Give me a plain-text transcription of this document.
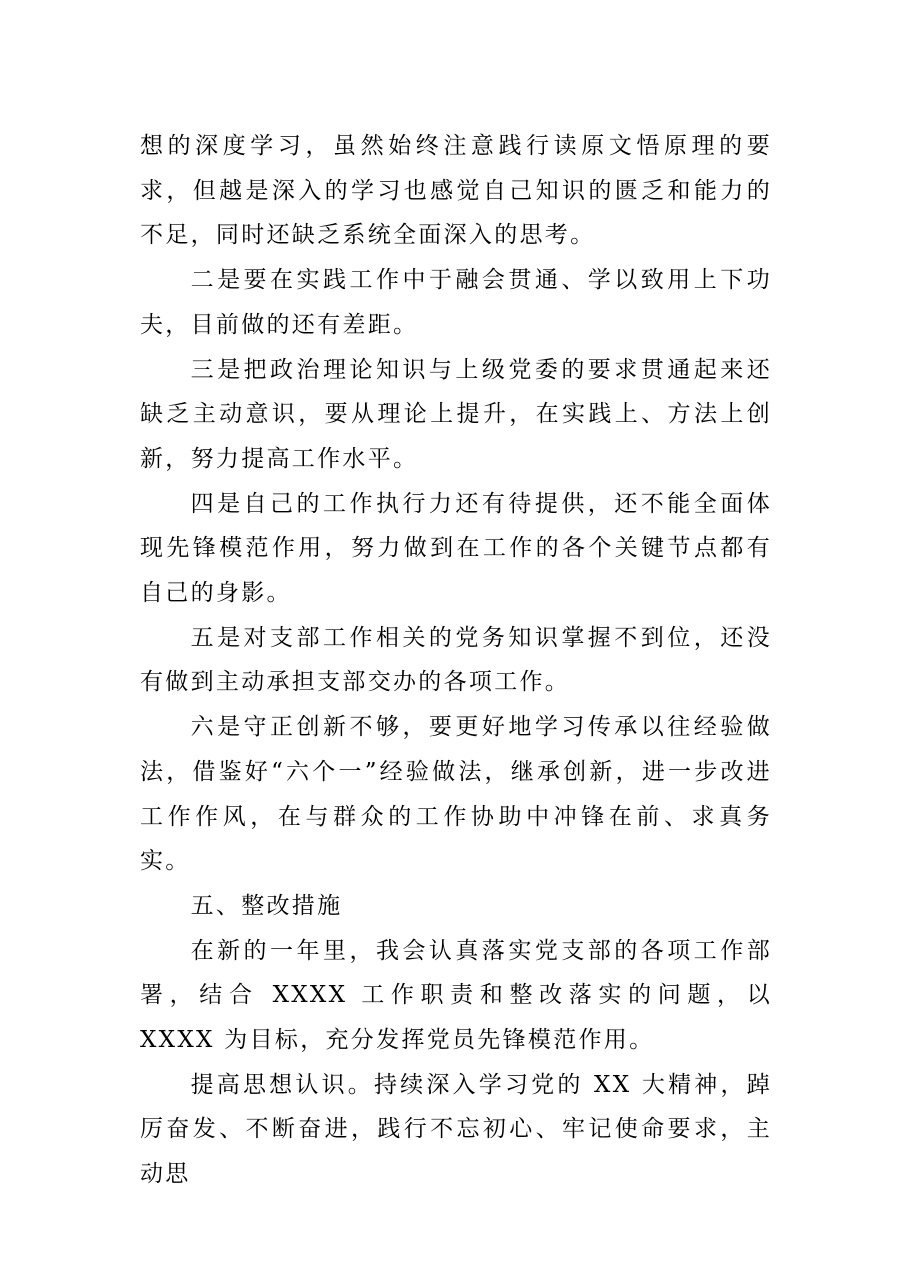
想的深度学习，虽然始终注意践行读原文悟原理的要求，但越是深入的学习也感觉自己知识的匮乏和能力的不足，同时还缺乏系统全面深入的思考。

二是要在实践工作中于融会贯通、学以致用上下功夫，目前做的还有差距。

三是把政治理论知识与上级党委的要求贯通起来还缺乏主动意识，要从理论上提升，在实践上、方法上创新，努力提高工作水平。

四是自己的工作执行力还有待提供，还不能全面体现先锋模范作用，努力做到在工作的各个关键节点都有自己的身影。

五是对支部工作相关的党务知识掌握不到位，还没有做到主动承担支部交办的各项工作。

六是守正创新不够，要更好地学习传承以往经验做法，借鉴好“六个一”经验做法，继承创新，进一步改进工作作风，在与群众的工作协助中冲锋在前、求真务实。

五、整改措施

在新的一年里，我会认真落实党支部的各项工作部署，结合 XXXX 工作职责和整改落实的问题，以 XXXX 为目标，充分发挥党员先锋模范作用。

提高思想认识。持续深入学习党的 XX 大精神，踔厉奋发、不断奋进，践行不忘初心、牢记使命要求，主动思
